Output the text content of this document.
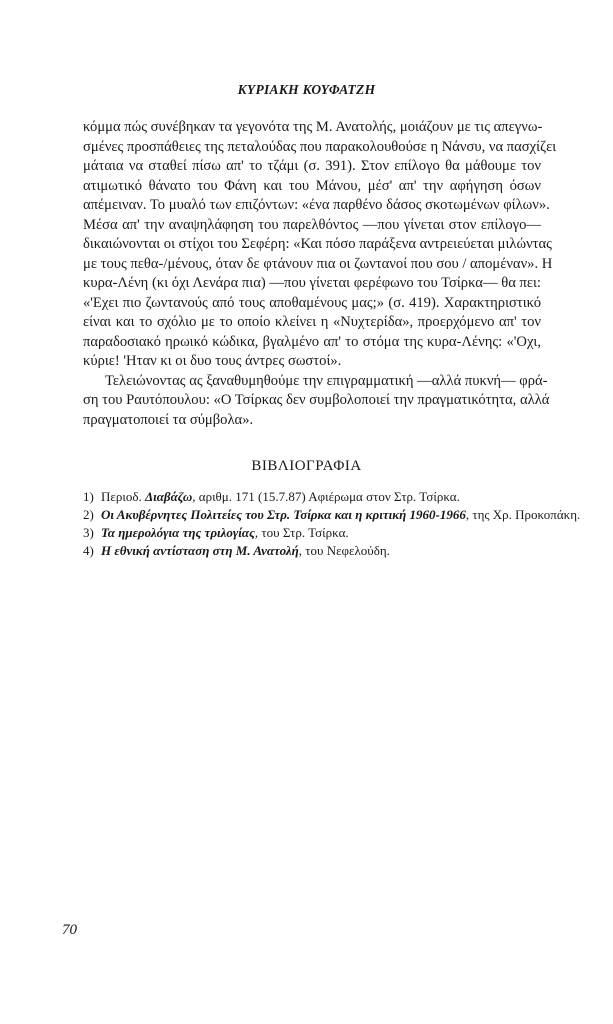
ΚΥΡΙΑΚΗ ΚΟΥΦΑΤΖΗ
κόμμα πώς συνέβηκαν τα γεγονότα της Μ. Ανατολής, μοιάζουν με τις απεγνω-
σμένες προσπάθειες της πεταλούδας που παρακολουθούσε η Νάνσυ, να πασχίζει
μάταια να σταθεί πίσω απ' το τζάμι (σ. 391). Στον επίλογο θα μάθουμε τον
ατιμωτικό θάνατο του Φάνη και του Μάνου, μέσ' απ' την αφήγηση όσων
απέμειναν. Το μυαλό των επιζόντων: «ένα παρθένο δάσος σκοτωμένων φίλων».
Μέσα απ' την αναψηλάφηση του παρελθόντος —που γίνεται στον επίλογο—
δικαιώνονται οι στίχοι του Σεφέρη: «Και πόσο παράξενα αντρειεύεται μιλώντας
με τους πεθα-/μένους, όταν δε φτάνουν πια οι ζωντανοί που σου / απομέναν». Η
κυρα-Λένη (κι όχι Λενάρα πια) —που γίνεται φερέφωνο του Τσίρκα— θα πει:
«'Εχει πιο ζωντανούς από τους αποθαμένους μας;» (σ. 419). Χαρακτηριστικό
είναι και το σχόλιο με το οποίο κλείνει η «Νυχτερίδα», προερχόμενο απ' τον
παραδοσιακό ηρωικό κώδικα, βγαλμένο απ' το στόμα της κυρα-Λένης: «'Οχι,
κύριε! 'Ηταν κι οι δυο τους άντρες σωστοί».
Τελειώνοντας ας ξαναθυμηθούμε την επιγραμματική —αλλά πυκνή— φρά-
ση του Ραυτόπουλου: «Ο Τσίρκας δεν συμβολοποιεί την πραγματικότητα, αλλά
πραγματοποιεί τα σύμβολα».
ΒΙΒΛΙΟΓΡΑΦΙΑ
1) Περιοδ. Διαβάζω, αριθμ. 171 (15.7.87) Αφιέρωμα στον Στρ. Τσίρκα.
2) Οι Ακυβέρνητες Πολιτείες του Στρ. Τσίρκα και η κριτική 1960-1966, της Χρ. Προκοπάκη.
3) Τα ημερολόγια της τριλογίας, του Στρ. Τσίρκα.
4) Η εθνική αντίσταση στη Μ. Ανατολή, του Νεφελούδη.
70
